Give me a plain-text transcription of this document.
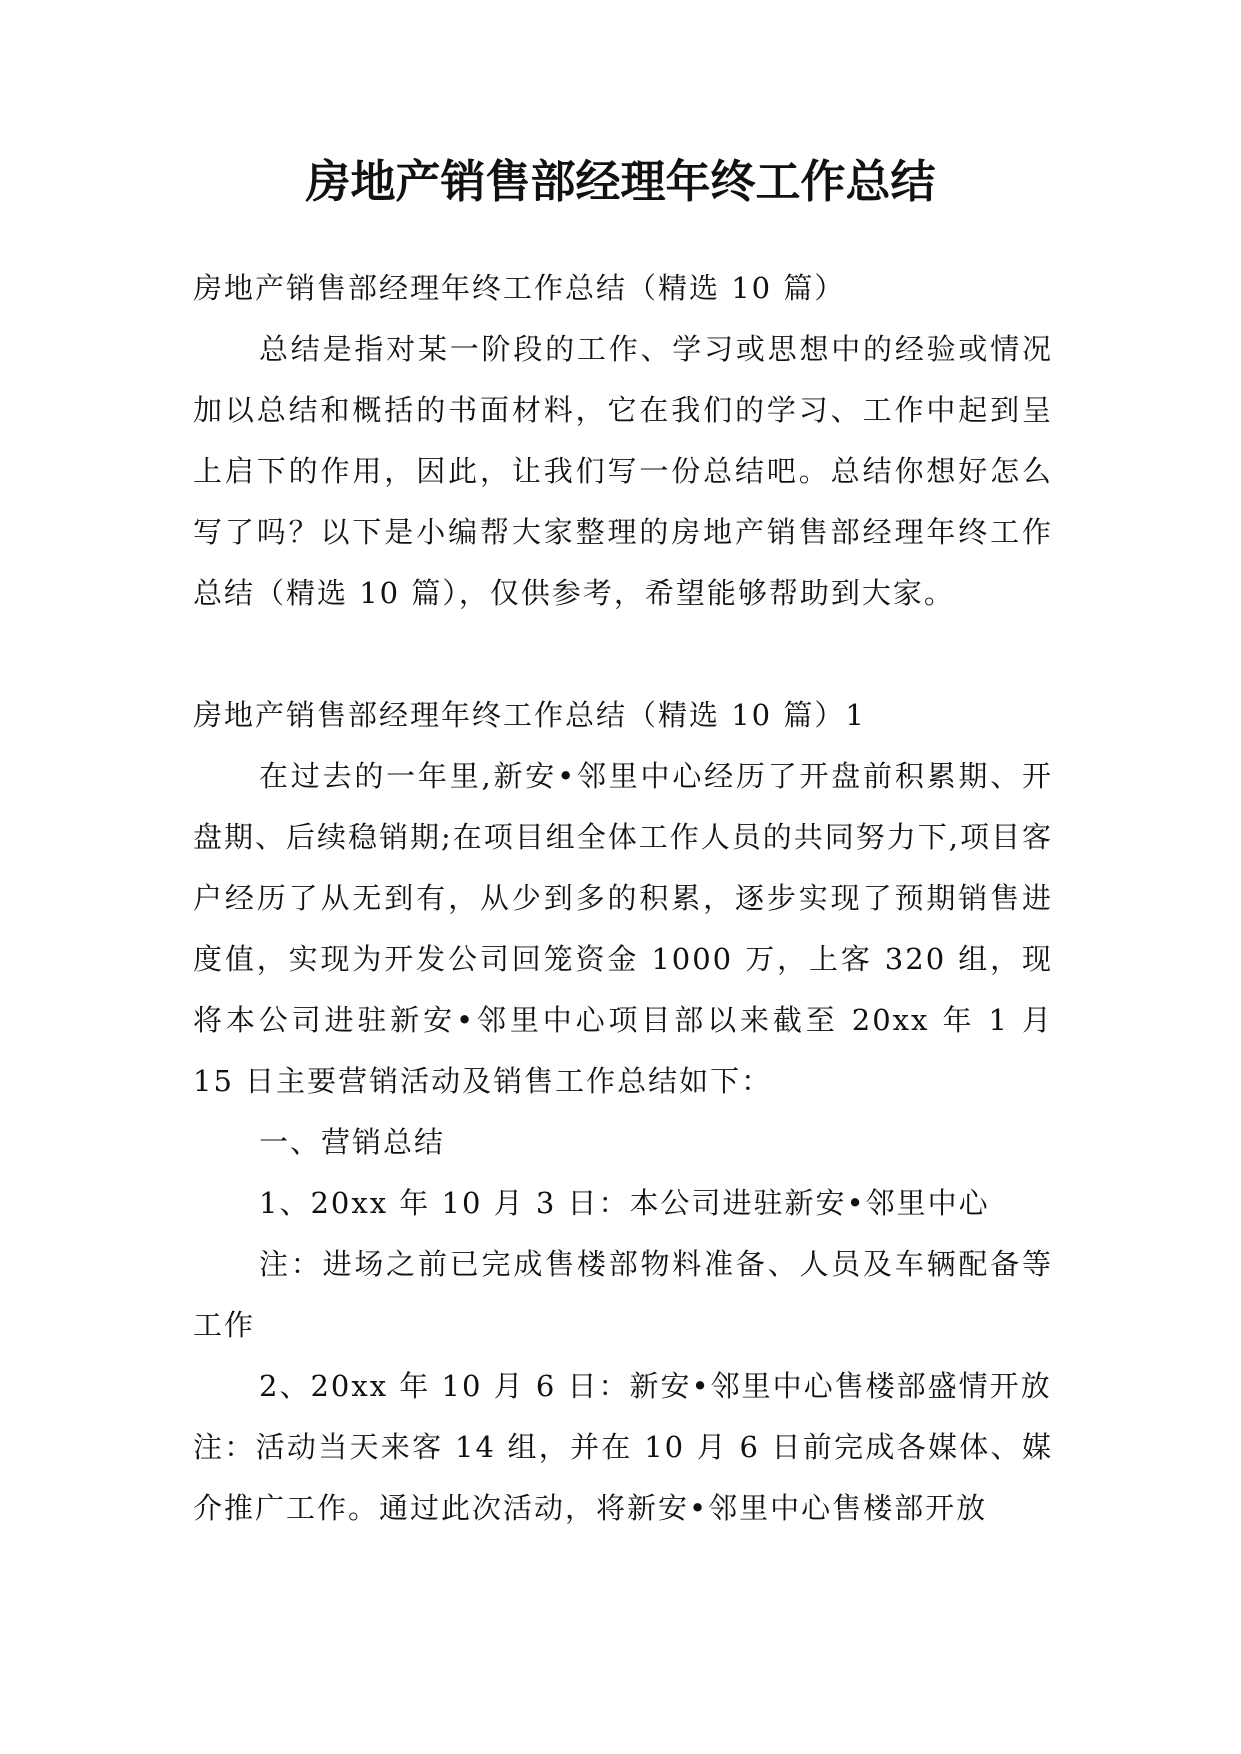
房地产销售部经理年终工作总结

房地产销售部经理年终工作总结（精选 10 篇）

总结是指对某一阶段的工作、学习或思想中的经验或情况加以总结和概括的书面材料，它在我们的学习、工作中起到呈上启下的作用，因此，让我们写一份总结吧。总结你想好怎么写了吗？以下是小编帮大家整理的房地产销售部经理年终工作总结（精选 10 篇），仅供参考，希望能够帮助到大家。

房地产销售部经理年终工作总结（精选 10 篇）1

在过去的一年里,新安•邻里中心经历了开盘前积累期、开盘期、后续稳销期;在项目组全体工作人员的共同努力下,项目客户经历了从无到有，从少到多的积累，逐步实现了预期销售进度值，实现为开发公司回笼资金 1000 万，上客 320 组，现将本公司进驻新安•邻里中心项目部以来截至 20xx 年 1 月 15 日主要营销活动及销售工作总结如下：

一、营销总结

1、20xx 年 10 月 3 日：本公司进驻新安•邻里中心

注：进场之前已完成售楼部物料准备、人员及车辆配备等工作

2、20xx 年 10 月 6 日：新安•邻里中心售楼部盛情开放

注：活动当天来客 14 组，并在 10 月 6 日前完成各媒体、媒介推广工作。通过此次活动，将新安•邻里中心售楼部开放
